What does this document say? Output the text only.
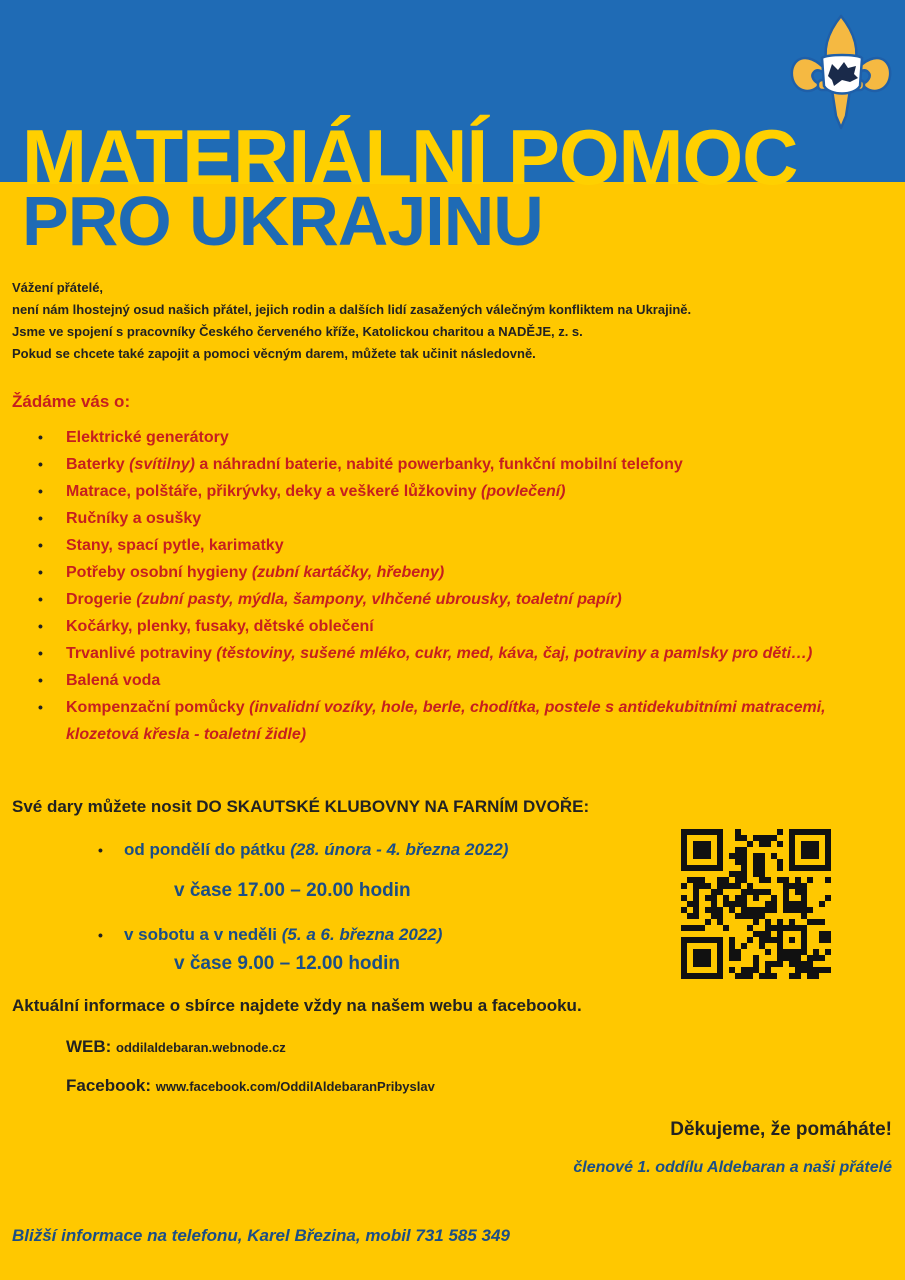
MATERIÁLNÍ POMOC
PRO UKRAJINU
Vážení přátelé,
není nám lhostejný osud našich přátel, jejich rodin a dalších lidí zasažených válečným konfliktem na Ukrajině.
Jsme ve spojení s pracovníky Českého červeného kříže, Katolickou charitou a NADĚJE, z. s.
Pokud se chcete také zapojit a pomoci věcným darem, můžete tak učinit následovně.
Žádáme vás o:
• Elektrické generátory
• Baterky (svítilny) a náhradní baterie, nabité powerbanky, funkční mobilní telefony
• Matrace, polštáře, přikrývky, deky a veškeré lůžkoviny (povlečení)
• Ručníky a osušky
• Stany, spací pytle, karimatky
• Potřeby osobní hygieny (zubní kartáčky, hřebeny)
• Drogerie (zubní pasty, mýdla, šampony, vlhčené ubrousky, toaletní papír)
• Kočárky, plenky, fusaky, dětské oblečení
• Trvanlivé potraviny (těstoviny, sušené mléko, cukr, med, káva, čaj, potraviny a pamlsky pro děti…)
• Balená voda
• Kompenzační pomůcky (invalidní vozíky, hole, berle, chodítka, postele s antidekubitními matracemi, klozetová křesla - toaletní židle)
Své dary můžete nosit DO SKAUTSKÉ KLUBOVNY NA FARNÍM DVOŘE:
• od pondělí do pátku (28. února - 4. března 2022)
v čase 17.00 – 20.00 hodin
• v sobotu a v neděli (5. a 6. března 2022)
v čase 9.00 – 12.00 hodin
Aktuální informace o sbírce najdete vždy na našem webu a facebooku.
WEB: oddilaldebaran.webnode.cz
Facebook: www.facebook.com/OddilAldebaranPribyslav
Děkujeme, že pomáháte!
členové 1. oddílu Aldebaran a naši přátelé
Bližší informace na telefonu, Karel Březina, mobil 731 585 349
